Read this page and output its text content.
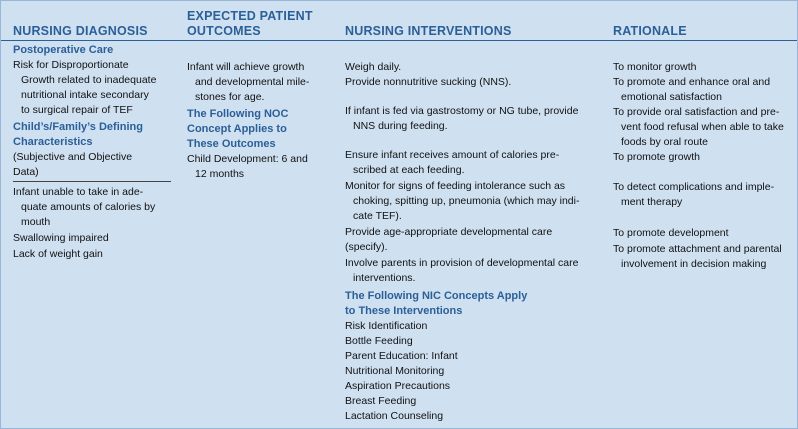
NURSING DIAGNOSIS
EXPECTED PATIENT
OUTCOMES	NURSING INTERVENTIONS	RATIONALE
Postoperative Care
Risk for Disproportionate
Growth related to inadequate
nutritional intake secondary
to surgical repair of TEF
Child’s/Family’s Defining
Characteristics
(Subjective and Objective
Data)
Infant unable to take in ade-
quate amounts of calories by
mouth
Swallowing impaired
Lack of weight gain
Infant will achieve growth
and developmental mile-
stones for age.
The Following NOC
Concept Applies to
These Outcomes
Child Development: 6 and
12 months
Weigh daily.
Provide nonnutritive sucking (NNS).
If infant is fed via gastrostomy or NG tube, provide
NNS during feeding.
Ensure infant receives amount of calories pre-
scribed at each feeding.
Monitor for signs of feeding intolerance such as
choking, spitting up, pneumonia (which may indi-
cate TEF).
Provide age-appropriate developmental care (specify).
Involve parents in provision of developmental care
interventions.
The Following NIC Concepts Apply
to These Interventions
Risk Identification
Bottle Feeding
Parent Education: Infant
Nutritional Monitoring
Aspiration Precautions
Breast Feeding
Lactation Counseling
To monitor growth
To promote and enhance oral and
emotional satisfaction
To provide oral satisfaction and pre-
vent food refusal when able to take
foods by oral route
To promote growth
To detect complications and imple-
ment therapy
To promote development
To promote attachment and parental
involvement in decision making
